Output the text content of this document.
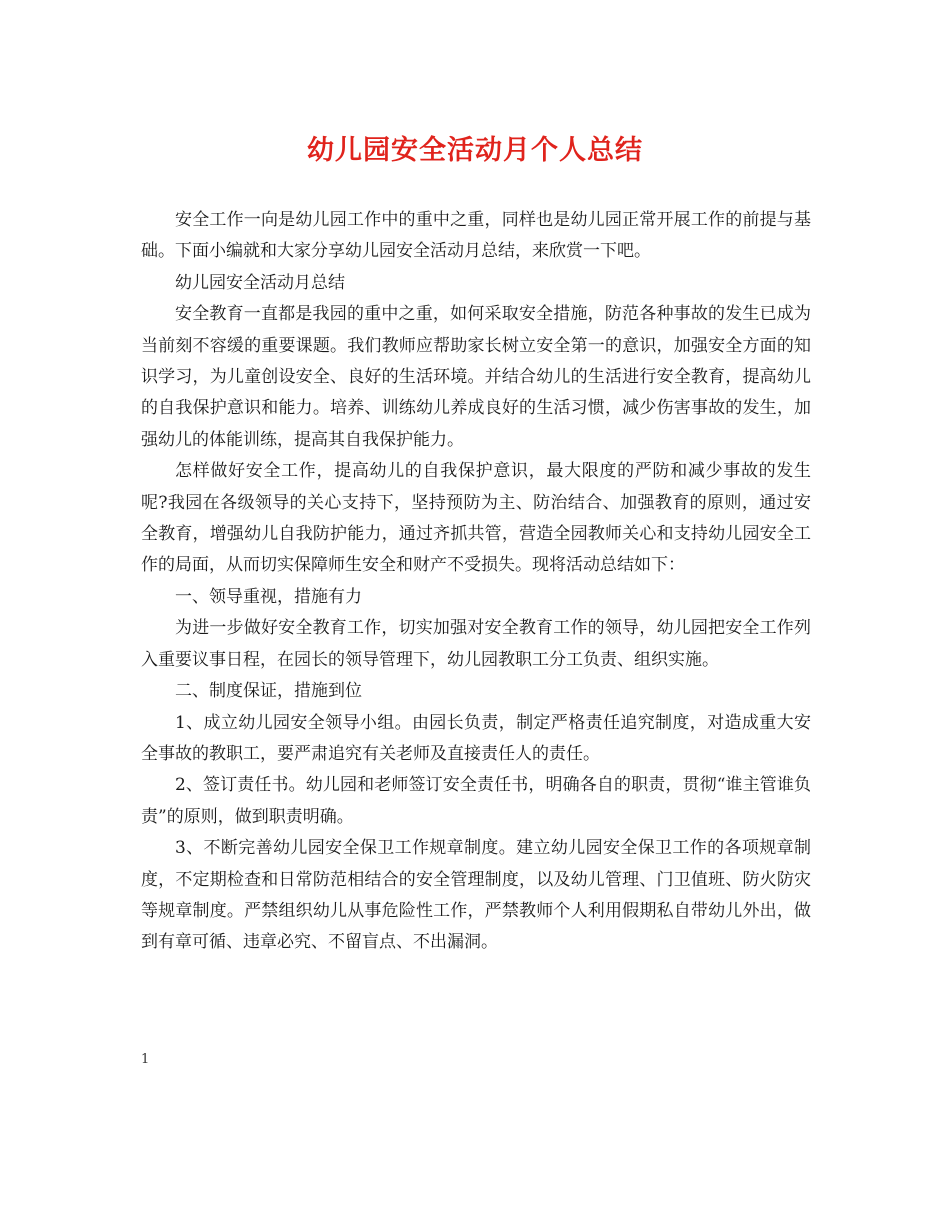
幼儿园安全活动月个人总结

安全工作一向是幼儿园工作中的重中之重，同样也是幼儿园正常开展工作的前提与基础。下面小编就和大家分享幼儿园安全活动月总结，来欣赏一下吧。

幼儿园安全活动月总结

安全教育一直都是我园的重中之重，如何采取安全措施，防范各种事故的发生已成为当前刻不容缓的重要课题。我们教师应帮助家长树立安全第一的意识，加强安全方面的知识学习，为儿童创设安全、良好的生活环境。并结合幼儿的生活进行安全教育，提高幼儿的自我保护意识和能力。培养、训练幼儿养成良好的生活习惯，减少伤害事故的发生，加强幼儿的体能训练，提高其自我保护能力。

怎样做好安全工作，提高幼儿的自我保护意识，最大限度的严防和减少事故的发生呢?我园在各级领导的关心支持下，坚持预防为主、防治结合、加强教育的原则，通过安全教育，增强幼儿自我防护能力，通过齐抓共管，营造全园教师关心和支持幼儿园安全工作的局面，从而切实保障师生安全和财产不受损失。现将活动总结如下：

一、领导重视，措施有力

为进一步做好安全教育工作，切实加强对安全教育工作的领导，幼儿园把安全工作列入重要议事日程，在园长的领导管理下，幼儿园教职工分工负责、组织实施。

二、制度保证，措施到位

1、成立幼儿园安全领导小组。由园长负责，制定严格责任追究制度，对造成重大安全事故的教职工，要严肃追究有关老师及直接责任人的责任。

2、签订责任书。幼儿园和老师签订安全责任书，明确各自的职责，贯彻“谁主管谁负责”的原则，做到职责明确。

3、不断完善幼儿园安全保卫工作规章制度。建立幼儿园安全保卫工作的各项规章制度，不定期检查和日常防范相结合的安全管理制度，以及幼儿管理、门卫值班、防火防灾等规章制度。严禁组织幼儿从事危险性工作，严禁教师个人利用假期私自带幼儿外出，做到有章可循、违章必究、不留盲点、不出漏洞。

1
